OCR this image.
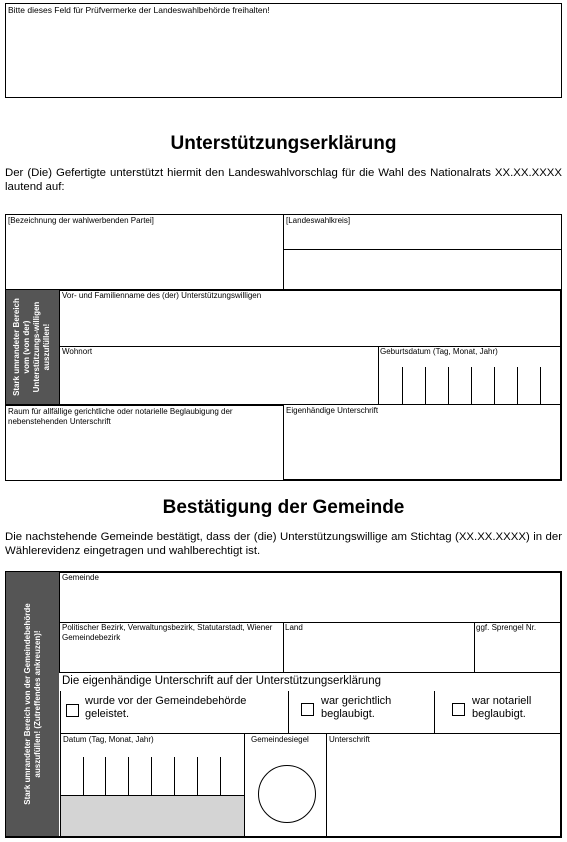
Bitte dieses Feld für Prüfvermerke der Landeswahlbehörde freihalten!
Unterstützungserklärung
Der (Die) Gefertigte unterstützt hiermit den Landeswahlvorschlag für die Wahl des Nationalrats XX.XX.XXXX lautend auf:
[Bezeichnung der wahlwerbenden Partei]	[Landeswahlkreis]
Stark umrandeter Bereich vom (von der) Unterstützungs-willigen auszufüllen!
Vor- und Familienname des (der) Unterstützungswilligen
Wohnort	Geburtsdatum (Tag, Monat, Jahr)
Raum für allfällige gerichtliche oder notarielle Beglaubigung der nebenstehenden Unterschrift
Eigenhändige Unterschrift
Bestätigung der Gemeinde
Die nachstehende Gemeinde bestätigt, dass der (die) Unterstützungswillige am Stichtag (XX.XX.XXXX) in der Wählerevidenz eingetragen und wahlberechtigt ist.
Stark umrandeter Bereich von der Gemeindebehörde auszufüllen! (Zutreffendes ankreuzen)!
Gemeinde
Politischer Bezirk, Verwaltungsbezirk, Statutarstadt, Wiener Gemeindebezirk
Land	ggf. Sprengel Nr.
Die eigenhändige Unterschrift auf der Unterstützungserklärung
wurde vor der Gemeindebehörde geleistet.
war gerichtlich beglaubigt.
war notariell beglaubigt.
Datum (Tag, Monat, Jahr)	Gemeindesiegel	Unterschrift
